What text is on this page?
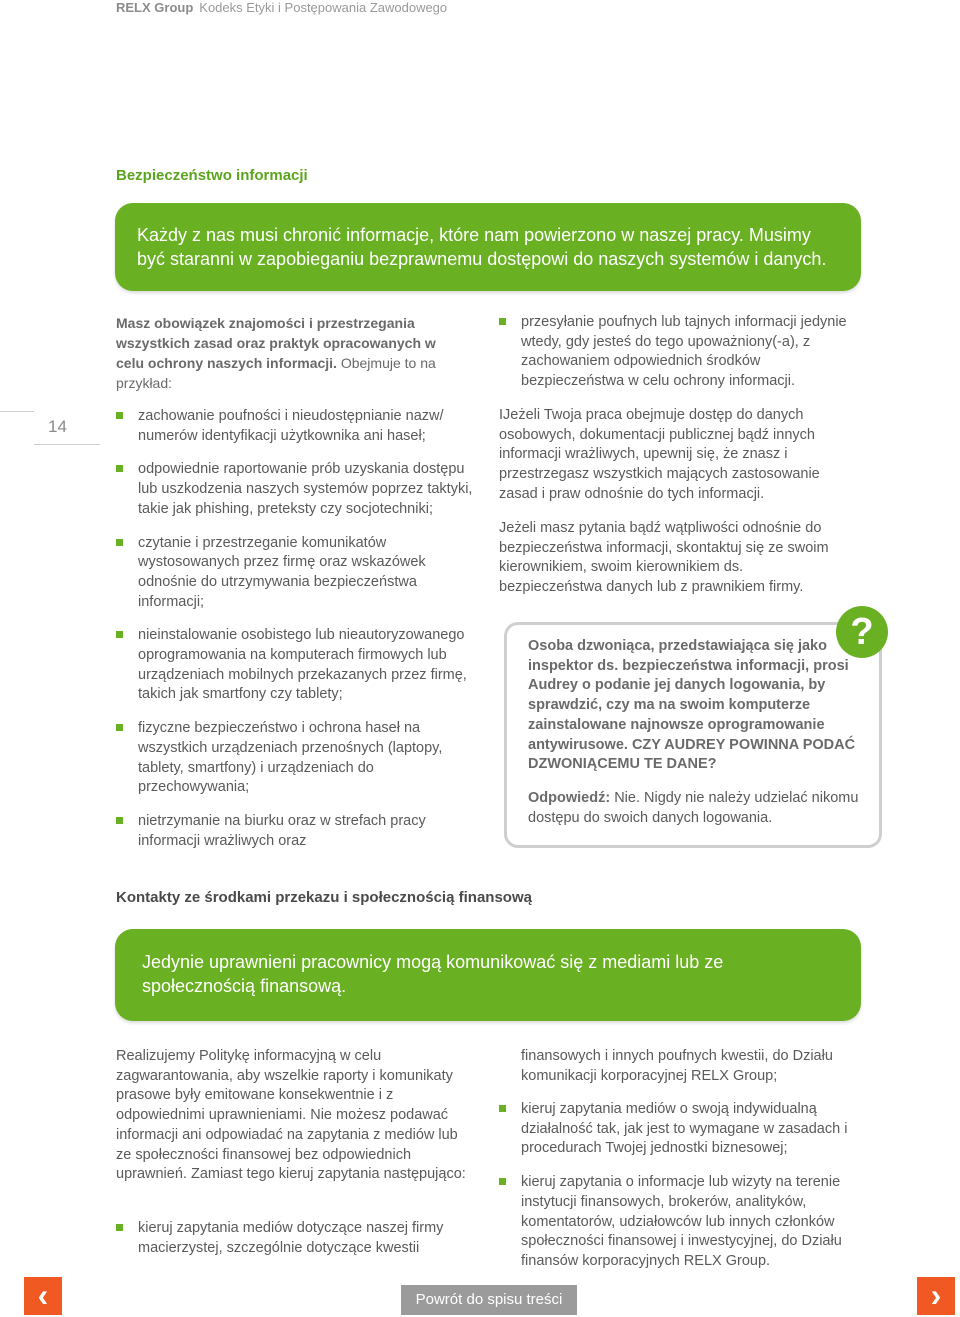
RELX Group Kodeks Etyki i Postępowania Zawodowego
14
Bezpieczeństwo informacji
Każdy z nas musi chronić informacje, które nam powierzono w naszej pracy. Musimy być staranni w zapobieganiu bezprawnemu dostępowi do naszych systemów i danych.
Masz obowiązek znajomości i przestrzegania wszystkich zasad oraz praktyk opracowanych w celu ochrony naszych informacji. Obejmuje to na przykład:
zachowanie poufności i nieudostępnianie nazw/ numerów identyfikacji użytkownika ani haseł;
odpowiednie raportowanie prób uzyskania dostępu lub uszkodzenia naszych systemów poprzez taktyki, takie jak phishing, preteksty czy socjotechniki;
czytanie i przestrzeganie komunikatów wystosowanych przez firmę oraz wskazówek odnośnie do utrzymywania bezpieczeństwa informacji;
nieinstalowanie osobistego lub nieautoryzowanego oprogramowania na komputerach firmowych lub urządzeniach mobilnych przekazanych przez firmę, takich jak smartfony czy tablety;
fizyczne bezpieczeństwo i ochrona haseł na wszystkich urządzeniach przenośnych (laptopy, tablety, smartfony) i urządzeniach do przechowywania;
nietrzymanie na biurku oraz w strefach pracy informacji wrażliwych oraz
przesyłanie poufnych lub tajnych informacji jedynie wtedy, gdy jesteś do tego upoważniony(-a), z zachowaniem odpowiednich środków bezpieczeństwa w celu ochrony informacji.
IJeżeli Twoja praca obejmuje dostęp do danych osobowych, dokumentacji publicznej bądź innych informacji wrażliwych, upewnij się, że znasz i przestrzegasz wszystkich mających zastosowanie zasad i praw odnośnie do tych informacji.
Jeżeli masz pytania bądź wątpliwości odnośnie do bezpieczeństwa informacji, skontaktuj się ze swoim kierownikiem, swoim kierownikiem ds. bezpieczeństwa danych lub z prawnikiem firmy.
Osoba dzwoniąca, przedstawiająca się jako inspektor ds. bezpieczeństwa informacji, prosi Audrey o podanie jej danych logowania, by sprawdzić, czy ma na swoim komputerze zainstalowane najnowsze oprogramowanie antywirusowe. CZY AUDREY POWINNA PODAĆ DZWONIĄCEMU TE DANE?
Odpowiedź: Nie. Nigdy nie należy udzielać nikomu dostępu do swoich danych logowania.
?
Kontakty ze środkami przekazu i społecznością finansową
Jedynie uprawnieni pracownicy mogą komunikować się z mediami lub ze społecznością finansową.
Realizujemy Politykę informacyjną w celu zagwarantowania, aby wszelkie raporty i komunikaty prasowe były emitowane konsekwentnie i z odpowiednimi uprawnieniami. Nie możesz podawać informacji ani odpowiadać na zapytania z mediów lub ze społeczności finansowej bez odpowiednich uprawnień. Zamiast tego kieruj zapytania następująco:
kieruj zapytania mediów dotyczące naszej firmy macierzystej, szczególnie dotyczące kwestii
finansowych i innych poufnych kwestii, do Działu komunikacji korporacyjnej RELX Group;
kieruj zapytania mediów o swoją indywidualną działalność tak, jak jest to wymagane w zasadach i procedurach Twojej jednostki biznesowej;
kieruj zapytania o informacje lub wizyty na terenie instytucji finansowych, brokerów, analityków, komentatorów, udziałowców lub innych członków społeczności finansowej i inwestycyjnej, do Działu finansów korporacyjnych RELX Group.
‹	Powrót do spisu treści	›
